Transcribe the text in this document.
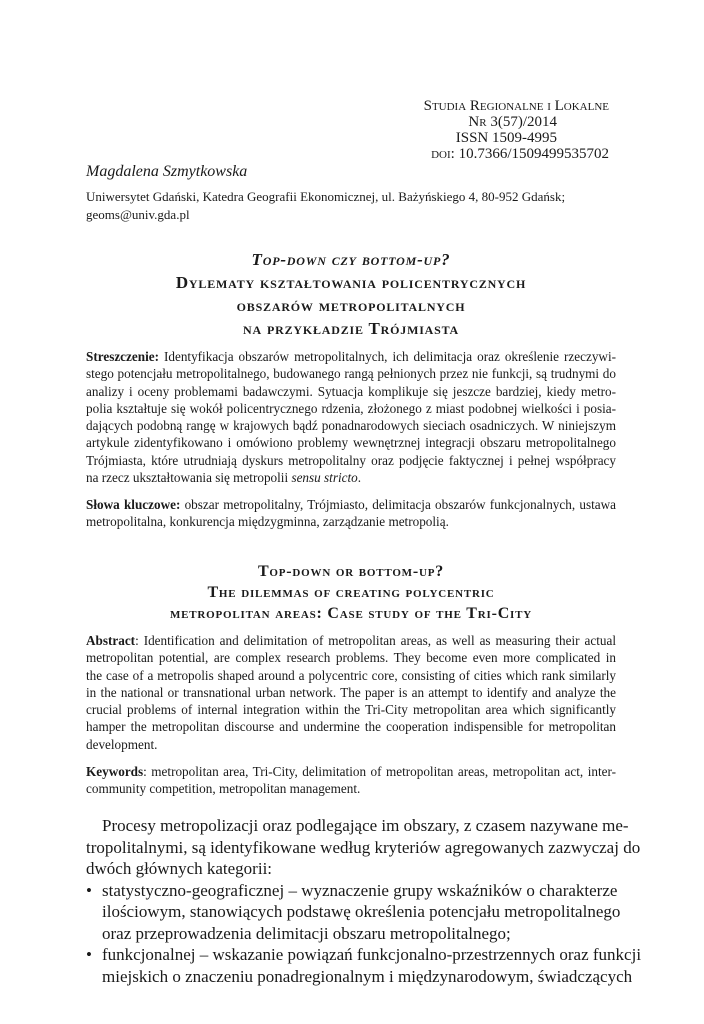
Studia Regionalne i Lokalne
Nr 3(57)/2014
ISSN 1509-4995
doi: 10.7366/1509499535702
Magdalena Szmytkowska
Uniwersytet Gdański, Katedra Geografii Ekonomicznej, ul. Bażyńskiego 4, 80-952 Gdańsk;
geoms@univ.gda.pl
Top-down czy bottom-up?
Dylematy kształtowania policentrycznych
obszarów metropolitalnych
na przykładzie Trójmiasta
Streszczenie: Identyfikacja obszarów metropolitalnych, ich delimitacja oraz określenie rzeczywi-
stego potencjału metropolitalnego, budowanego rangą pełnionych przez nie funkcji, są trudnymi do
analizy i oceny problemami badawczymi. Sytuacja komplikuje się jeszcze bardziej, kiedy metro-
polia kształtuje się wokół policentrycznego rdzenia, złożonego z miast podobnej wielkości i posia-
dających podobną rangę w krajowych bądź ponadnarodowych sieciach osadniczych. W niniejszym
artykule zidentyfikowano i omówiono problemy wewnętrznej integracji obszaru metropolitalnego
Trójmiasta, które utrudniają dyskurs metropolitalny oraz podjęcie faktycznej i pełnej współpracy
na rzecz ukształtowania się metropolii sensu stricto.
Słowa kluczowe: obszar metropolitalny, Trójmiasto, delimitacja obszarów funkcjonalnych, ustawa
metropolitalna, konkurencja międzygminna, zarządzanie metropolią.
Top-down or bottom-up?
The dilemmas of creating polycentric
metropolitan areas: Case study of the Tri-City
Abstract: Identification and delimitation of metropolitan areas, as well as measuring their actual
metropolitan potential, are complex research problems. They become even more complicated in
the case of a metropolis shaped around a polycentric core, consisting of cities which rank similarly
in the national or transnational urban network. The paper is an attempt to identify and analyze the
crucial problems of internal integration within the Tri-City metropolitan area which significantly
hamper the metropolitan discourse and undermine the cooperation indispensible for metropolitan
development.
Keywords: metropolitan area, Tri-City, delimitation of metropolitan areas, metropolitan act, inter-
community competition, metropolitan management.
Procesy metropolizacji oraz podlegające im obszary, z czasem nazywane me-
tropolitalnymi, są identyfikowane według kryteriów agregowanych zazwyczaj do
dwóch głównych kategorii:
• statystyczno-geograficznej – wyznaczenie grupy wskaźników o charakterze
ilościowym, stanowiących podstawę określenia potencjału metropolitalnego
oraz przeprowadzenia delimitacji obszaru metropolitalnego;
• funkcjonalnej – wskazanie powiązań funkcjonalno-przestrzennych oraz funkcji
miejskich o znaczeniu ponadregionalnym i międzynarodowym, świadczących
